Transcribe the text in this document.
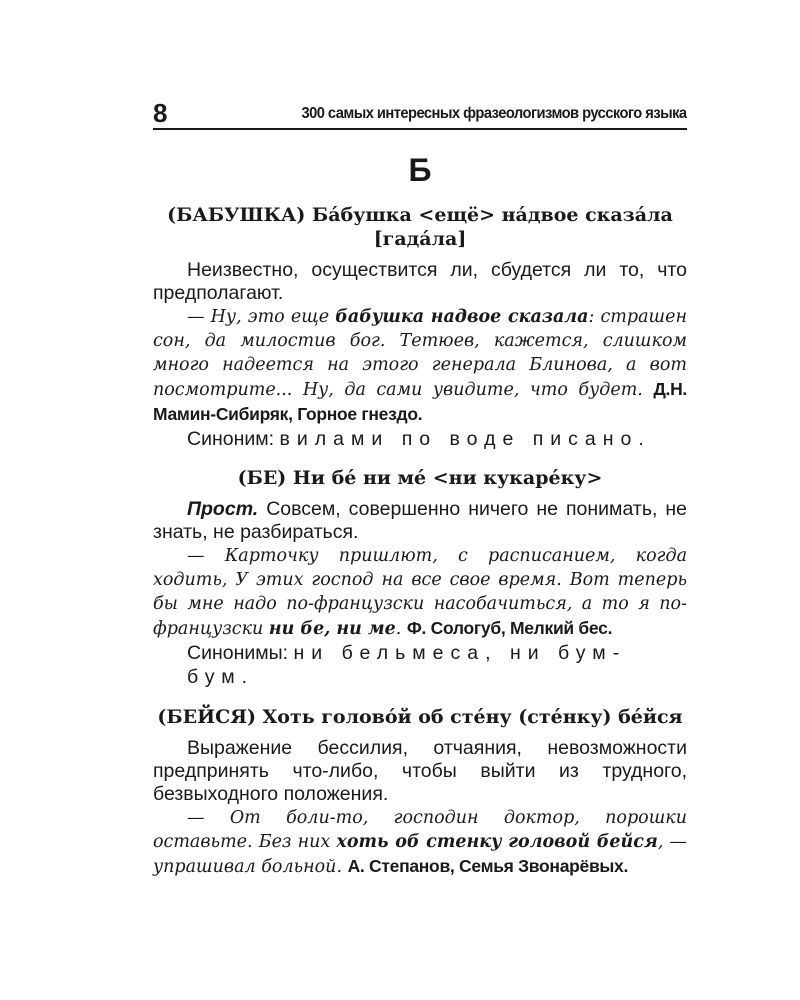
8	300 самых интересных фразеологизмов русского языка
Б
(БАБУШКА) Ба́бушка <ещё> на́двое сказа́ла
[гада́ла]
Неизвестно, осуществится ли, сбудется ли то, что предполагают.
— Ну, это еще бабушка надвое сказала: страшен сон, да милостив бог. Тетюев, кажется, слишком много надеется на этого генерала Блинова, а вот посмотрите... Ну, да сами увидите, что будет. Д.Н. Мамин-Сибиряк, Горное гнездо.
Синоним: вилами по воде писано.
(БЕ) Ни бе́ ни ме́ <ни кукаре́ку>
Прост. Совсем, совершенно ничего не понимать, не знать, не разбираться.
— Карточку пришлют, с расписанием, когда ходить, У этих господ на все свое время. Вот теперь бы мне надо по-французски насобачиться, а то я по-французски ни бе, ни ме. Ф. Сологуб, Мелкий бес.
Синонимы: ни бельмеса, ни бум-бум.
(БЕЙСЯ) Хоть голово́й об сте́ну (сте́нку) бе́йся
Выражение бессилия, отчаяния, невозможности предпринять что-либо, чтобы выйти из трудного, безвыходного положения.
— От боли-то, господин доктор, порошки оставьте. Без них хоть об стенку головой бейся, — упрашивал больной. А. Степанов, Семья Звонарёвых.
